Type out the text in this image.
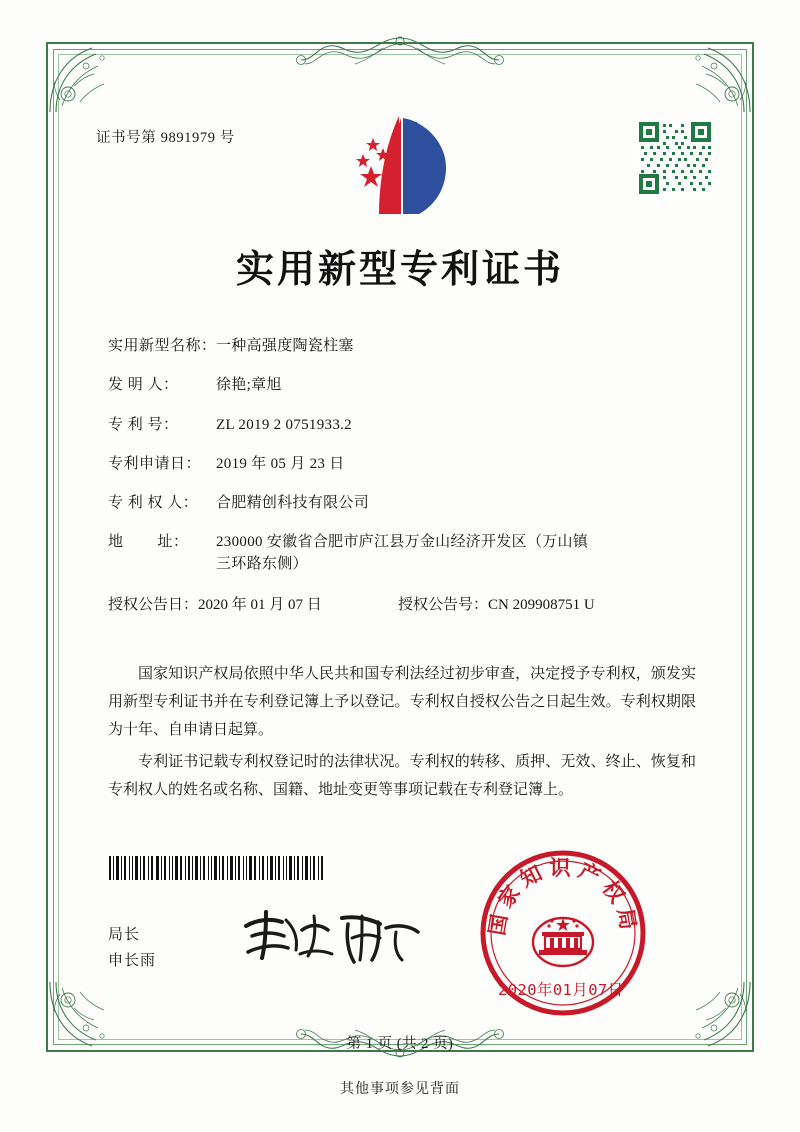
证书号第 9891979 号
实用新型专利证书
实用新型名称： 一种高强度陶瓷柱塞
发 明 人：	徐艳;章旭
专 利 号：	ZL 2019 2 0751933.2
专利申请日： 2019 年 05 月 23 日
专 利 权 人：	合肥精创科技有限公司
地        址：	230000 安徽省合肥市庐江县万金山经济开发区（万山镇
三环路东侧）
授权公告日：2020 年 01 月 07 日	授权公告号：CN 209908751 U

国家知识产权局依照中华人民共和国专利法经过初步审查，决定授予专利权，颁发实用新型专利证书并在专利登记簿上予以登记。专利权自授权公告之日起生效。专利权期限为十年、自申请日起算。

专利证书记载专利权登记时的法律状况。专利权的转移、质押、无效、终止、恢复和专利权人的姓名或名称、国籍、地址变更等事项记载在专利登记簿上。

局长
申长雨
国家知识产权局
2020年01月07日
第 1 页 (共 2 页)
其他事项参见背面
